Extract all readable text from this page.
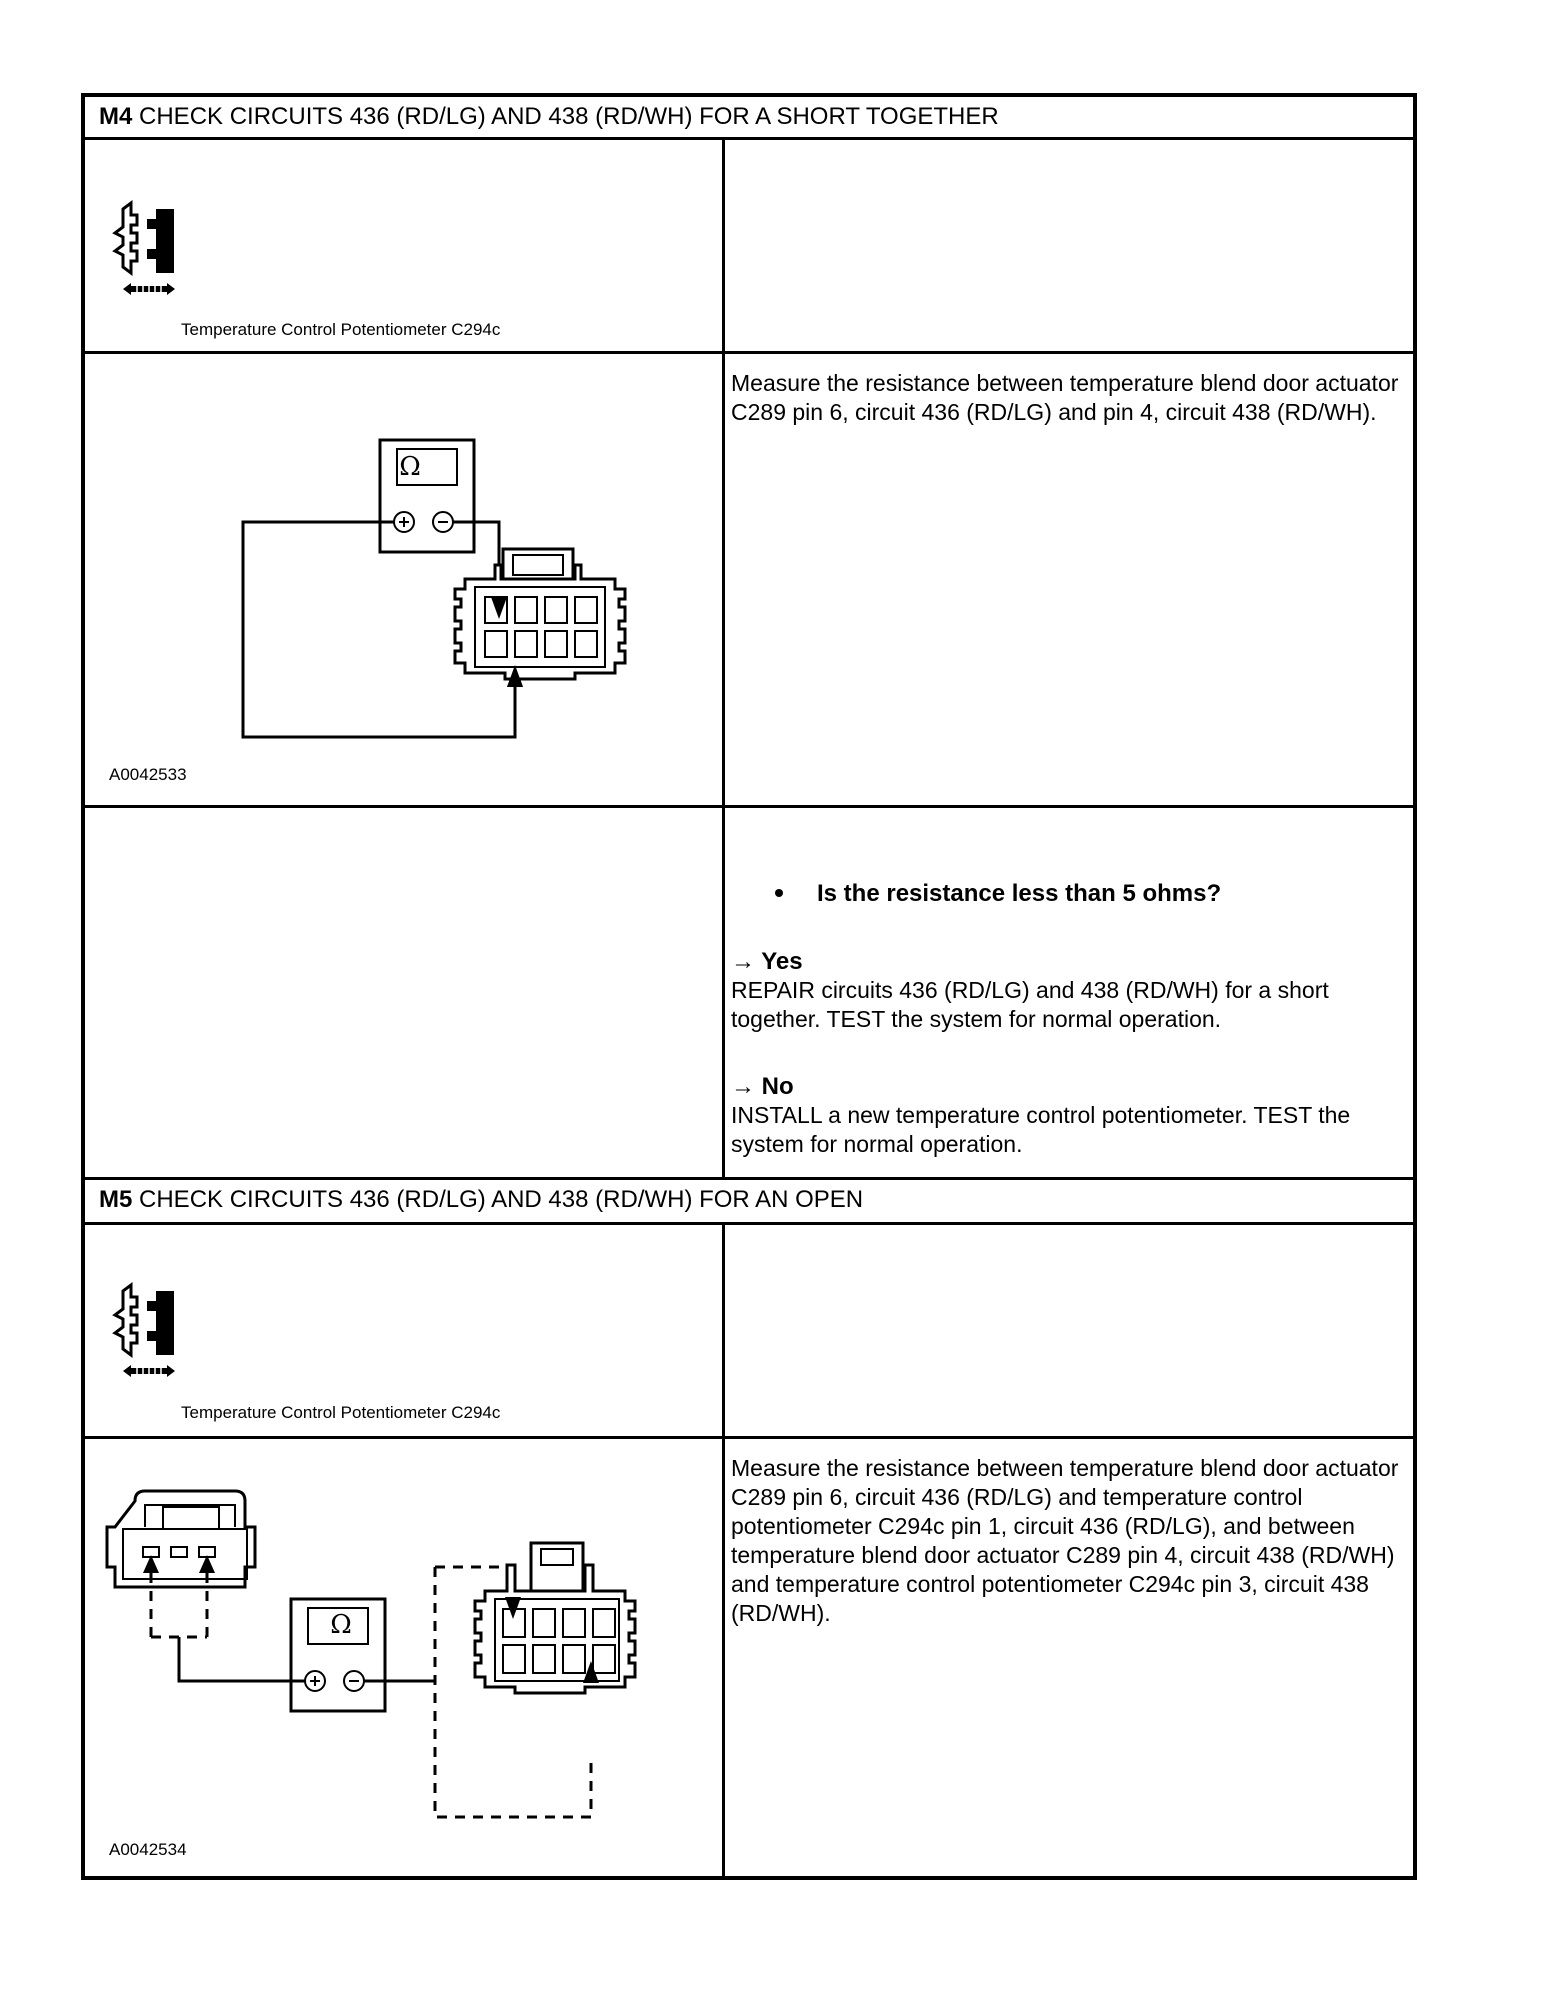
M4 CHECK CIRCUITS 436 (RD/LG) AND 438 (RD/WH) FOR A SHORT TOGETHER
Temperature Control Potentiometer C294c
Ω
A0042533
Measure the resistance between temperature blend door actuator C289 pin 6, circuit 436 (RD/LG) and pin 4, circuit 438 (RD/WH).
Is the resistance less than 5 ohms?
→ Yes
REPAIR circuits 436 (RD/LG) and 438 (RD/WH) for a short together. TEST the system for normal operation.
→ No
INSTALL a new temperature control potentiometer. TEST the system for normal operation.
M5 CHECK CIRCUITS 436 (RD/LG) AND 438 (RD/WH) FOR AN OPEN
Temperature Control Potentiometer C294c
Ω
A0042534
Measure the resistance between temperature blend door actuator C289 pin 6, circuit 436 (RD/LG) and temperature control potentiometer C294c pin 1, circuit 436 (RD/LG), and between temperature blend door actuator C289 pin 4, circuit 438 (RD/WH) and temperature control potentiometer C294c pin 3, circuit 438 (RD/WH).
